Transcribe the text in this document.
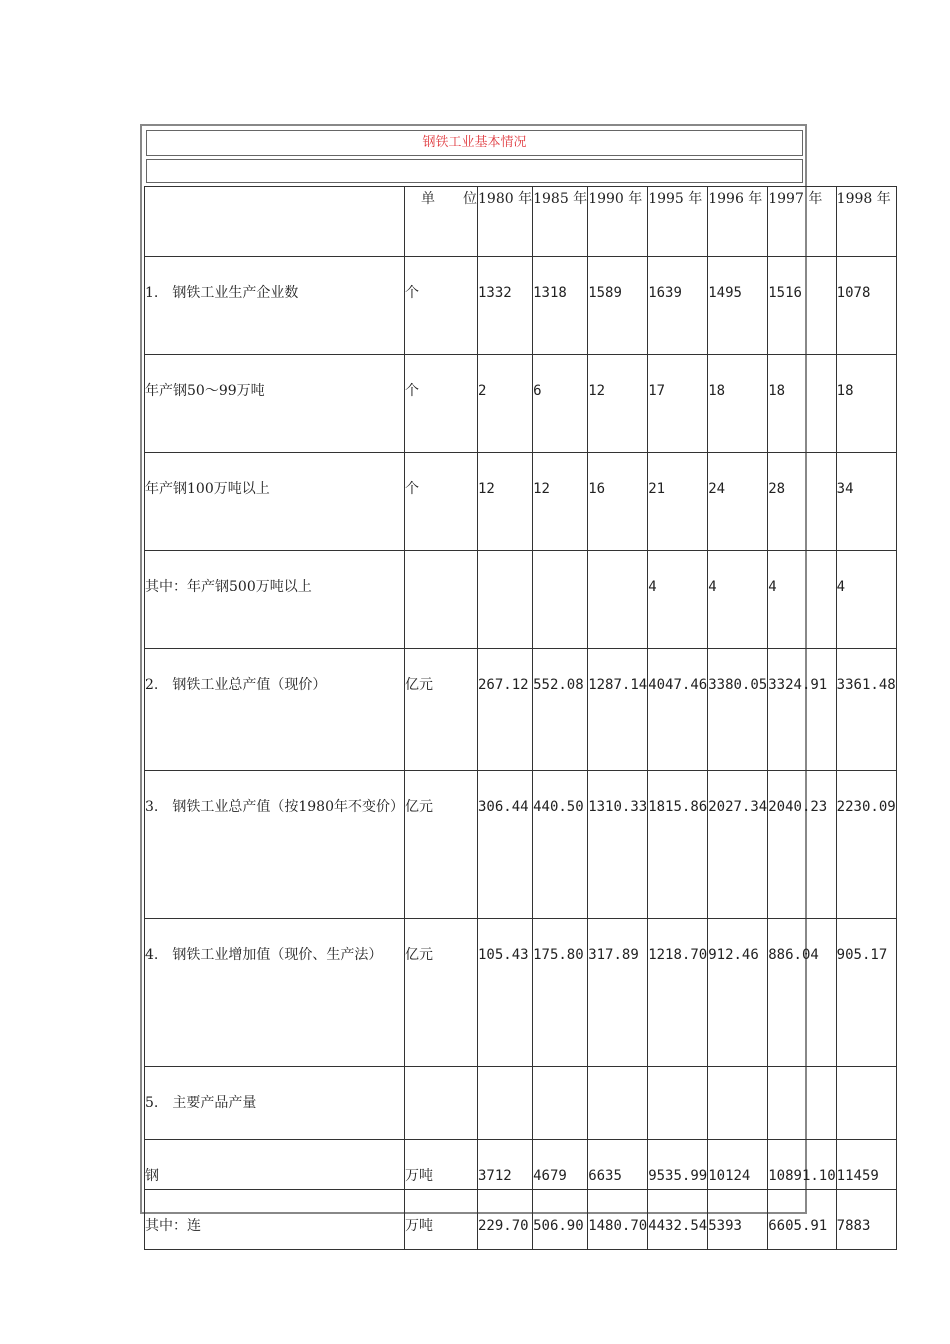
钢铁工业基本情况
	单　　位	1980 年	1985 年	1990 年	1995 年	1996 年	1997 年	1998 年

1.　钢铁工业生产企业数	个	1332	1318	1589	1639	1495	1516	1078

年产钢50～99万吨	个	2	6	12	17	18	18	18

年产钢100万吨以上	个	12	12	16	21	24	28	34

其中：年产钢500万吨以上					4	4	4	4

2.　钢铁工业总产值（现价）	亿元	267.12	552.08	1287.14	4047.46	3380.05	3324.91	3361.48

3.　钢铁工业总产值（按1980年不变价）	亿元	306.44	440.50	1310.33	1815.86	2027.34	2040.23	2230.09

4.　钢铁工业增加值（现价、生产法）	亿元	105.43	175.80	317.89	1218.70	912.46	886.04	905.17

5.　主要产品产量	

钢	万吨	3712	4679	6635	9535.99	10124	10891.10	11459

其中：连	万吨	229.70	506.90	1480.70	4432.54	5393	6605.91	7883
